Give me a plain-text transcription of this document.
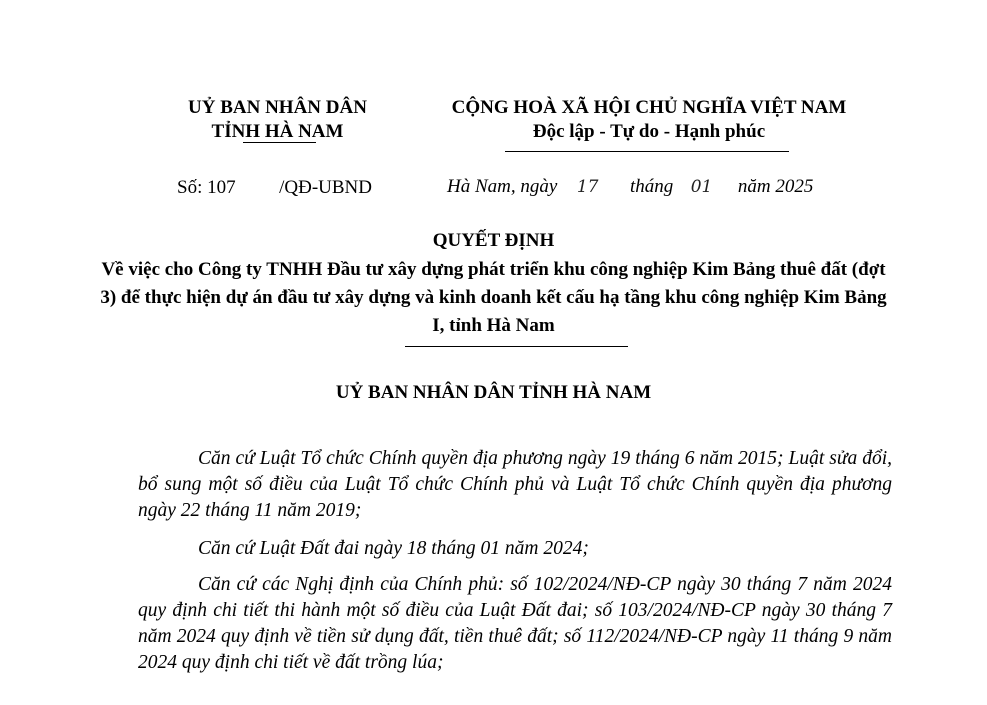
UỶ BAN NHÂN DÂN
TỈNH HÀ NAM
CỘNG HOÀ XÃ HỘI CHỦ NGHĨA VIỆT NAM
Độc lập - Tự do - Hạnh phúc
Số: 107 /QĐ-UBND	Hà Nam, ngày 17 tháng 01 năm 2025
QUYẾT ĐỊNH
Về việc cho Công ty TNHH Đầu tư xây dựng phát triển khu công nghiệp Kim Bảng thuê đất (đợt 3) để thực hiện dự án đầu tư xây dựng và kinh doanh kết cấu hạ tầng khu công nghiệp Kim Bảng I, tỉnh Hà Nam
UỶ BAN NHÂN DÂN TỈNH HÀ NAM
Căn cứ Luật Tổ chức Chính quyền địa phương ngày 19 tháng 6 năm 2015; Luật sửa đổi, bổ sung một số điều của Luật Tổ chức Chính phủ và Luật Tổ chức Chính quyền địa phương ngày 22 tháng 11 năm 2019;
Căn cứ Luật Đất đai ngày 18 tháng 01 năm 2024;
Căn cứ các Nghị định của Chính phủ: số 102/2024/NĐ-CP ngày 30 tháng 7 năm 2024 quy định chi tiết thi hành một số điều của Luật Đất đai; số 103/2024/NĐ-CP ngày 30 tháng 7 năm 2024 quy định về tiền sử dụng đất, tiền thuê đất; số 112/2024/NĐ-CP ngày 11 tháng 9 năm 2024 quy định chi tiết về đất trồng lúa;
